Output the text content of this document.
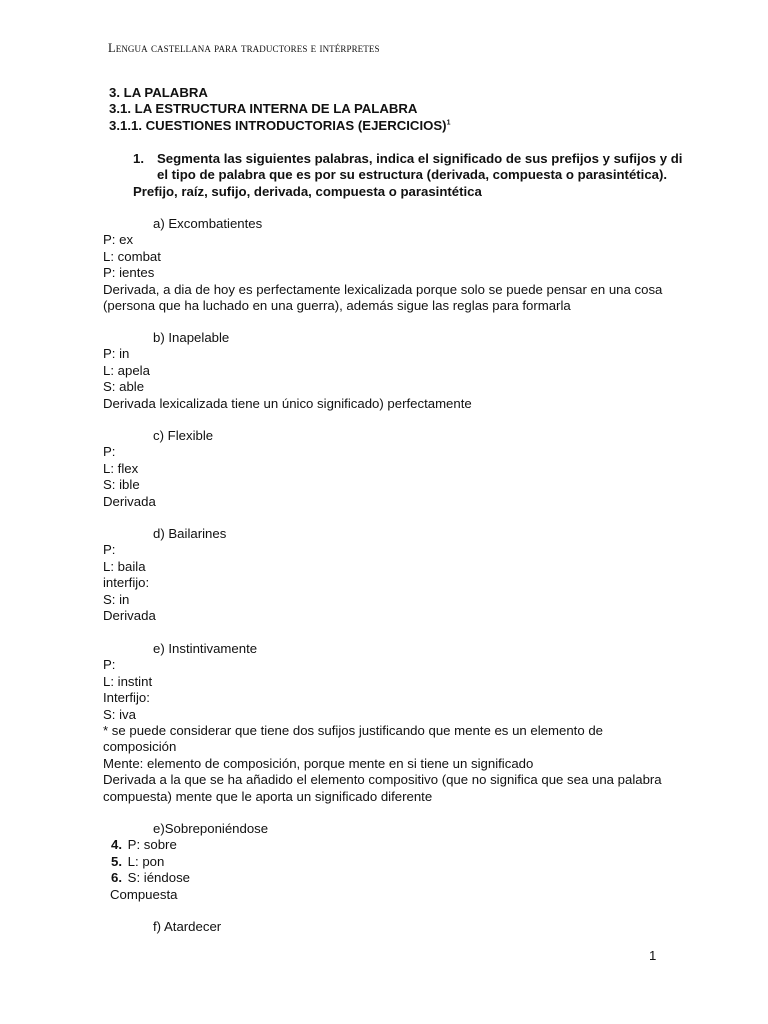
Lengua castellana para traductores e intérpretes
3. LA PALABRA
3.1. LA ESTRUCTURA INTERNA DE LA PALABRA
3.1.1. CUESTIONES INTRODUCTORIAS (EJERCICIOS)$^1$
1. Segmenta las siguientes palabras, indica el significado de sus prefijos y sufijos y di el tipo de palabra que es por su estructura (derivada, compuesta o parasintética).
Prefijo, raíz, sufijo, derivada, compuesta o parasintética
a) Excombatientes
P: ex
L: combat
P: ientes
Derivada, a dia de hoy es perfectamente lexicalizada porque solo se puede pensar en una cosa (persona que ha luchado en una guerra), además sigue las reglas para formarla
b) Inapelable
P: in
L: apela
S: able
Derivada lexicalizada tiene un único significado) perfectamente
c) Flexible
P:
L: flex
S: ible
Derivada
d) Bailarines
P:
L: baila
interfijo:
S: in
Derivada
e) Instintivamente
P:
L: instint
Interfijo:
S: iva
* se puede considerar que tiene dos sufijos justificando que mente es un elemento de composición
Mente: elemento de composición, porque mente en si tiene un significado
Derivada a la que se ha añadido el elemento compositivo (que no significa que sea una palabra compuesta) mente que le aporta un significado diferente
e)Sobreponiéndose
4. P: sobre
5. L: pon
6. S: iéndose
Compuesta
f) Atardecer
1
